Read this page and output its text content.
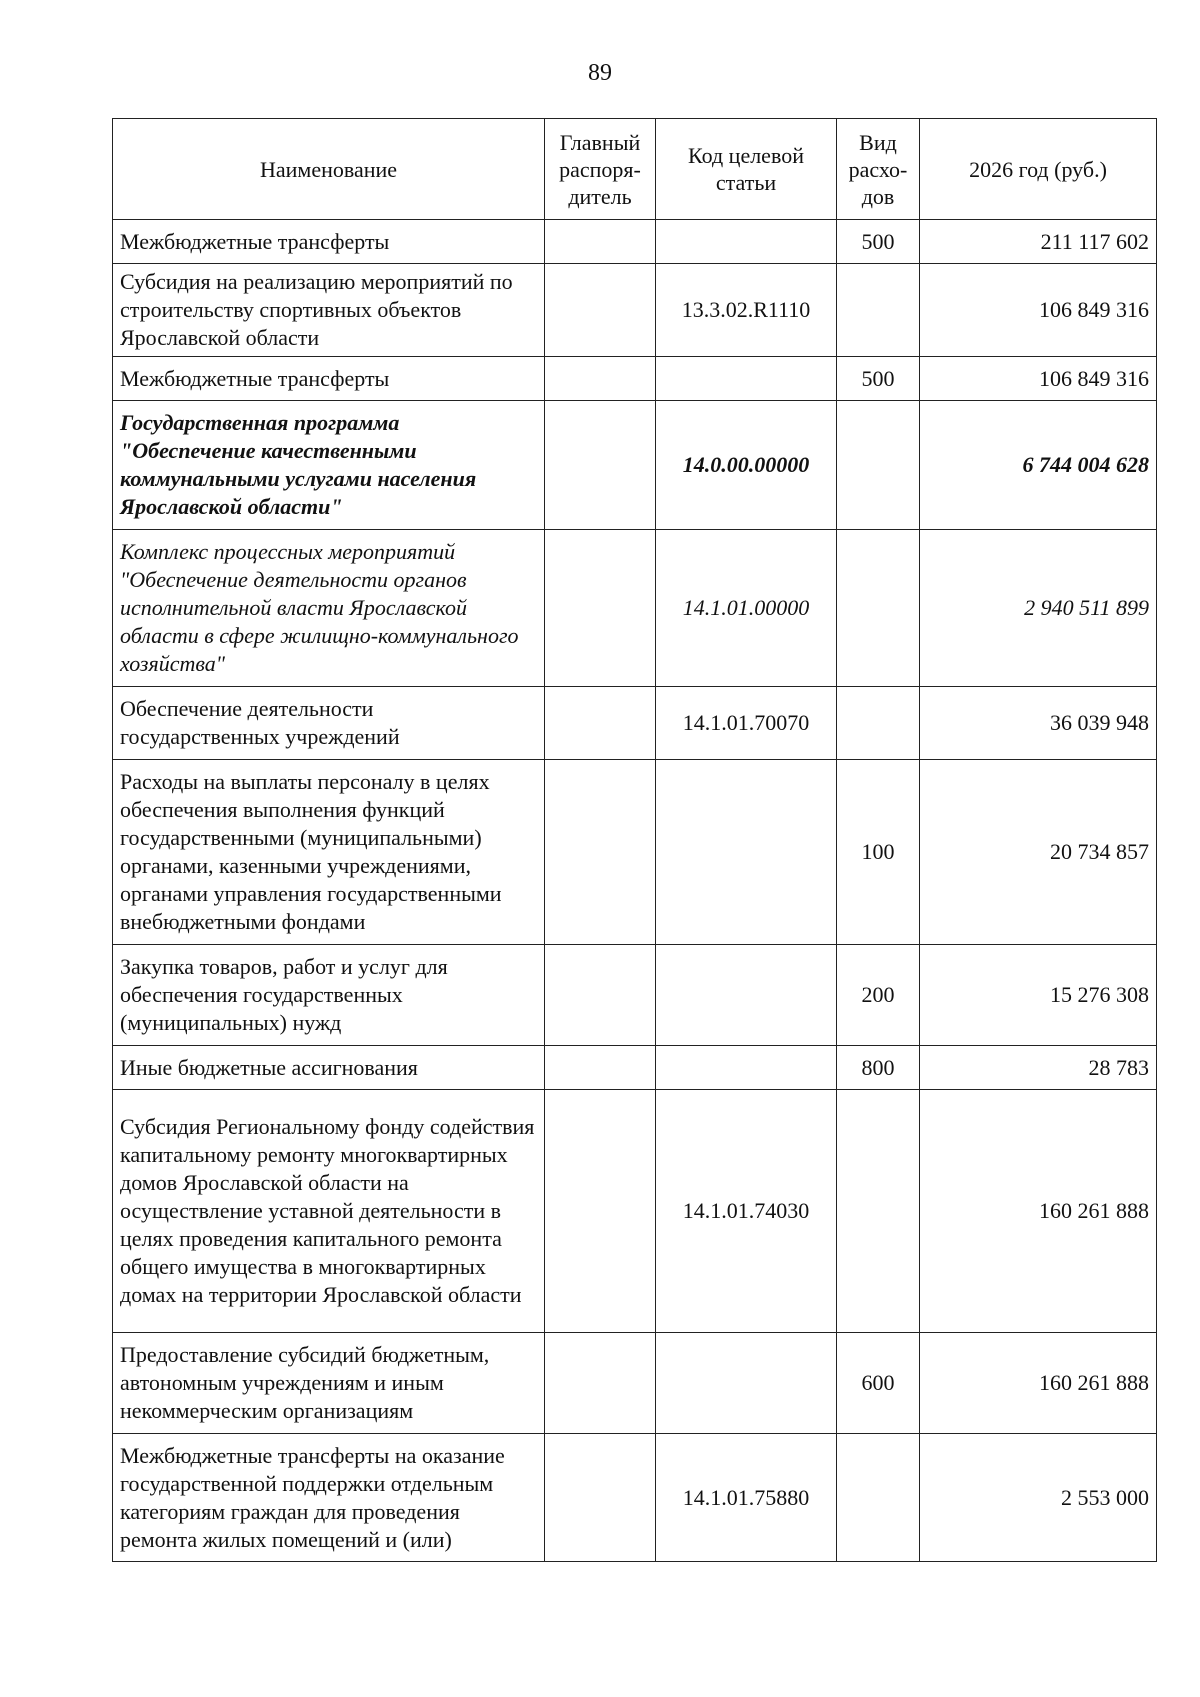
89
Наименование	Главный распоря-дитель	Код целевой статьи	Вид расхо-дов	2026 год (руб.)
Межбюджетные трансферты			500	211 117 602
Субсидия на реализацию мероприятий по строительству спортивных объектов Ярославской области		13.3.02.R1110		106 849 316
Межбюджетные трансферты			500	106 849 316
Государственная программа "Обеспечение качественными коммунальными услугами населения Ярославской области"		14.0.00.00000		6 744 004 628
Комплекс процессных мероприятий "Обеспечение деятельности органов исполнительной власти Ярославской области в сфере жилищно-коммунального хозяйства"		14.1.01.00000		2 940 511 899
Обеспечение деятельности государственных учреждений		14.1.01.70070		36 039 948
Расходы на выплаты персоналу в целях обеспечения выполнения функций государственными (муниципальными) органами, казенными учреждениями, органами управления государственными внебюджетными фондами			100	20 734 857
Закупка товаров, работ и услуг для обеспечения государственных (муниципальных) нужд			200	15 276 308
Иные бюджетные ассигнования			800	28 783
Субсидия Региональному фонду содействия капитальному ремонту многоквартирных домов Ярославской области на осуществление уставной деятельности в целях проведения капитального ремонта общего имущества в многоквартирных домах на территории Ярославской области		14.1.01.74030		160 261 888
Предоставление субсидий бюджетным, автономным учреждениям и иным некоммерческим организациям			600	160 261 888
Межбюджетные трансферты на оказание государственной поддержки отдельным категориям граждан для проведения ремонта жилых помещений и (или)		14.1.01.75880		2 553 000
